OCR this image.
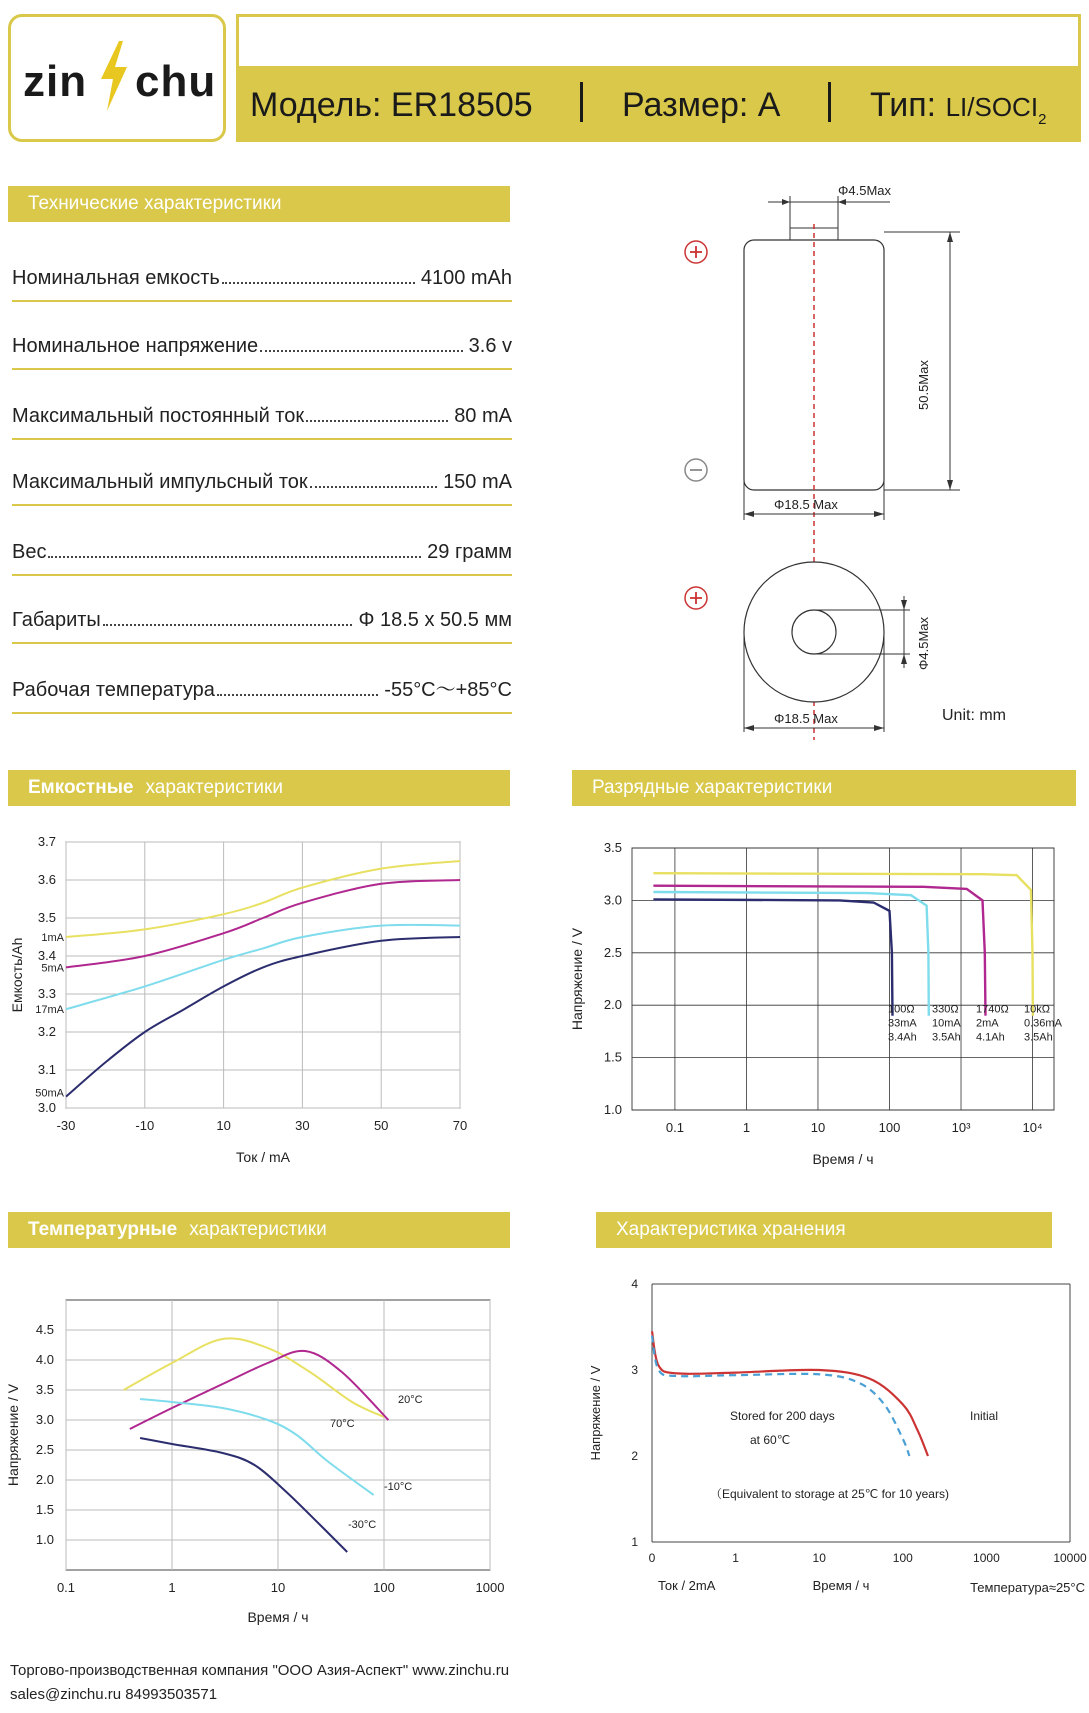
zin chu Модель: ER18505	Размер: A	Тип: $LI/SOCI_2$
Технические характеристики
Номинальная емкость	4100 mAh
Номинальное напряжение	3.6 v
Максимальный постоянный ток	80 mA
Максимальный импульсный ток	150 mA
Вес	29 грамм
Габариты	Φ 18.5 x 50.5 мм
Рабочая температура	-55°C～+85°C
Φ4.5Max
50.5Max
Φ18.5 Max
Φ4.5Max
Φ18.5 Max	Unit: mm
Емкостные характеристики	Разрядные характеристики
Температурные характеристики	Характеристика хранения
3.0
3.1
3.2
3.3
3.4
3.5
3.6
3.7
-30	-10	10	30	50	70
1mA
5mA
17mA
50mA
Ток / mA
Емкость/Ah
1.0
1.5
2.0
2.5
3.0
3.5
0.1	1	10	100	10³	10⁴
100Ω
33mA
3.4Ah
330Ω
10mA
3.5Ah
1740Ω
2mA
4.1Ah
10kΩ
0.36mA
3.5Ah
Время / ч
Напряжение / V
1.0
1.5
2.0
2.5
3.0
3.5
4.0
4.5
0.1	1	10	100	1000
70°C
20°C
-10°C
-30°C
Время / ч
Напряжение / V
1
2
3
4
0	1	10	100	1000	10000
Stored for 200 days
at 60℃
Initial
（Equivalent to storage at 25℃ for 10 years)
Ток / 2mA	Время / ч	Температура≈25°C
Напряжение / V
Торгово-производственная компания "ООО Азия-Аспект" www.zinchu.ru
sales@zinchu.ru 84993503571
